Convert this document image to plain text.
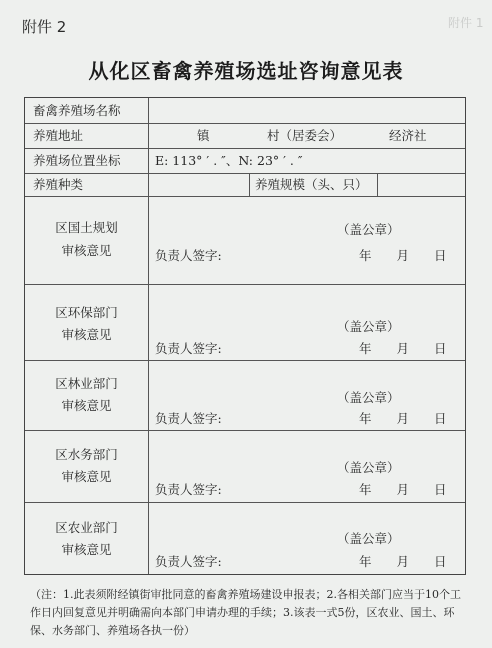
附件 1
附件 2
从化区畜禽养殖场选址咨询意见表
畜禽养殖场名称
养殖地址	镇	村（居委会）	经济社
养殖场位置坐标	E: 113° ′ . ″、N: 23° ′ . ″
养殖种类	养殖规模（头、只）
区国土规划
审核意见
（盖公章）
负责人签字:	年　　月　　日
区环保部门
审核意见
（盖公章）
负责人签字:	年　　月　　日
区林业部门
审核意见
（盖公章）
负责人签字:	年　　月　　日
区水务部门
审核意见
（盖公章）
负责人签字:	年　　月　　日
区农业部门
审核意见
（盖公章）
负责人签字:	年　　月　　日
（注：1.此表须附经镇街审批同意的畜禽养殖场建设申报表；2.各相关部门应当于10个工作日内回复意见并明确需向本部门申请办理的手续；3.该表一式5份，区农业、国土、环保、水务部门、养殖场各执一份）
